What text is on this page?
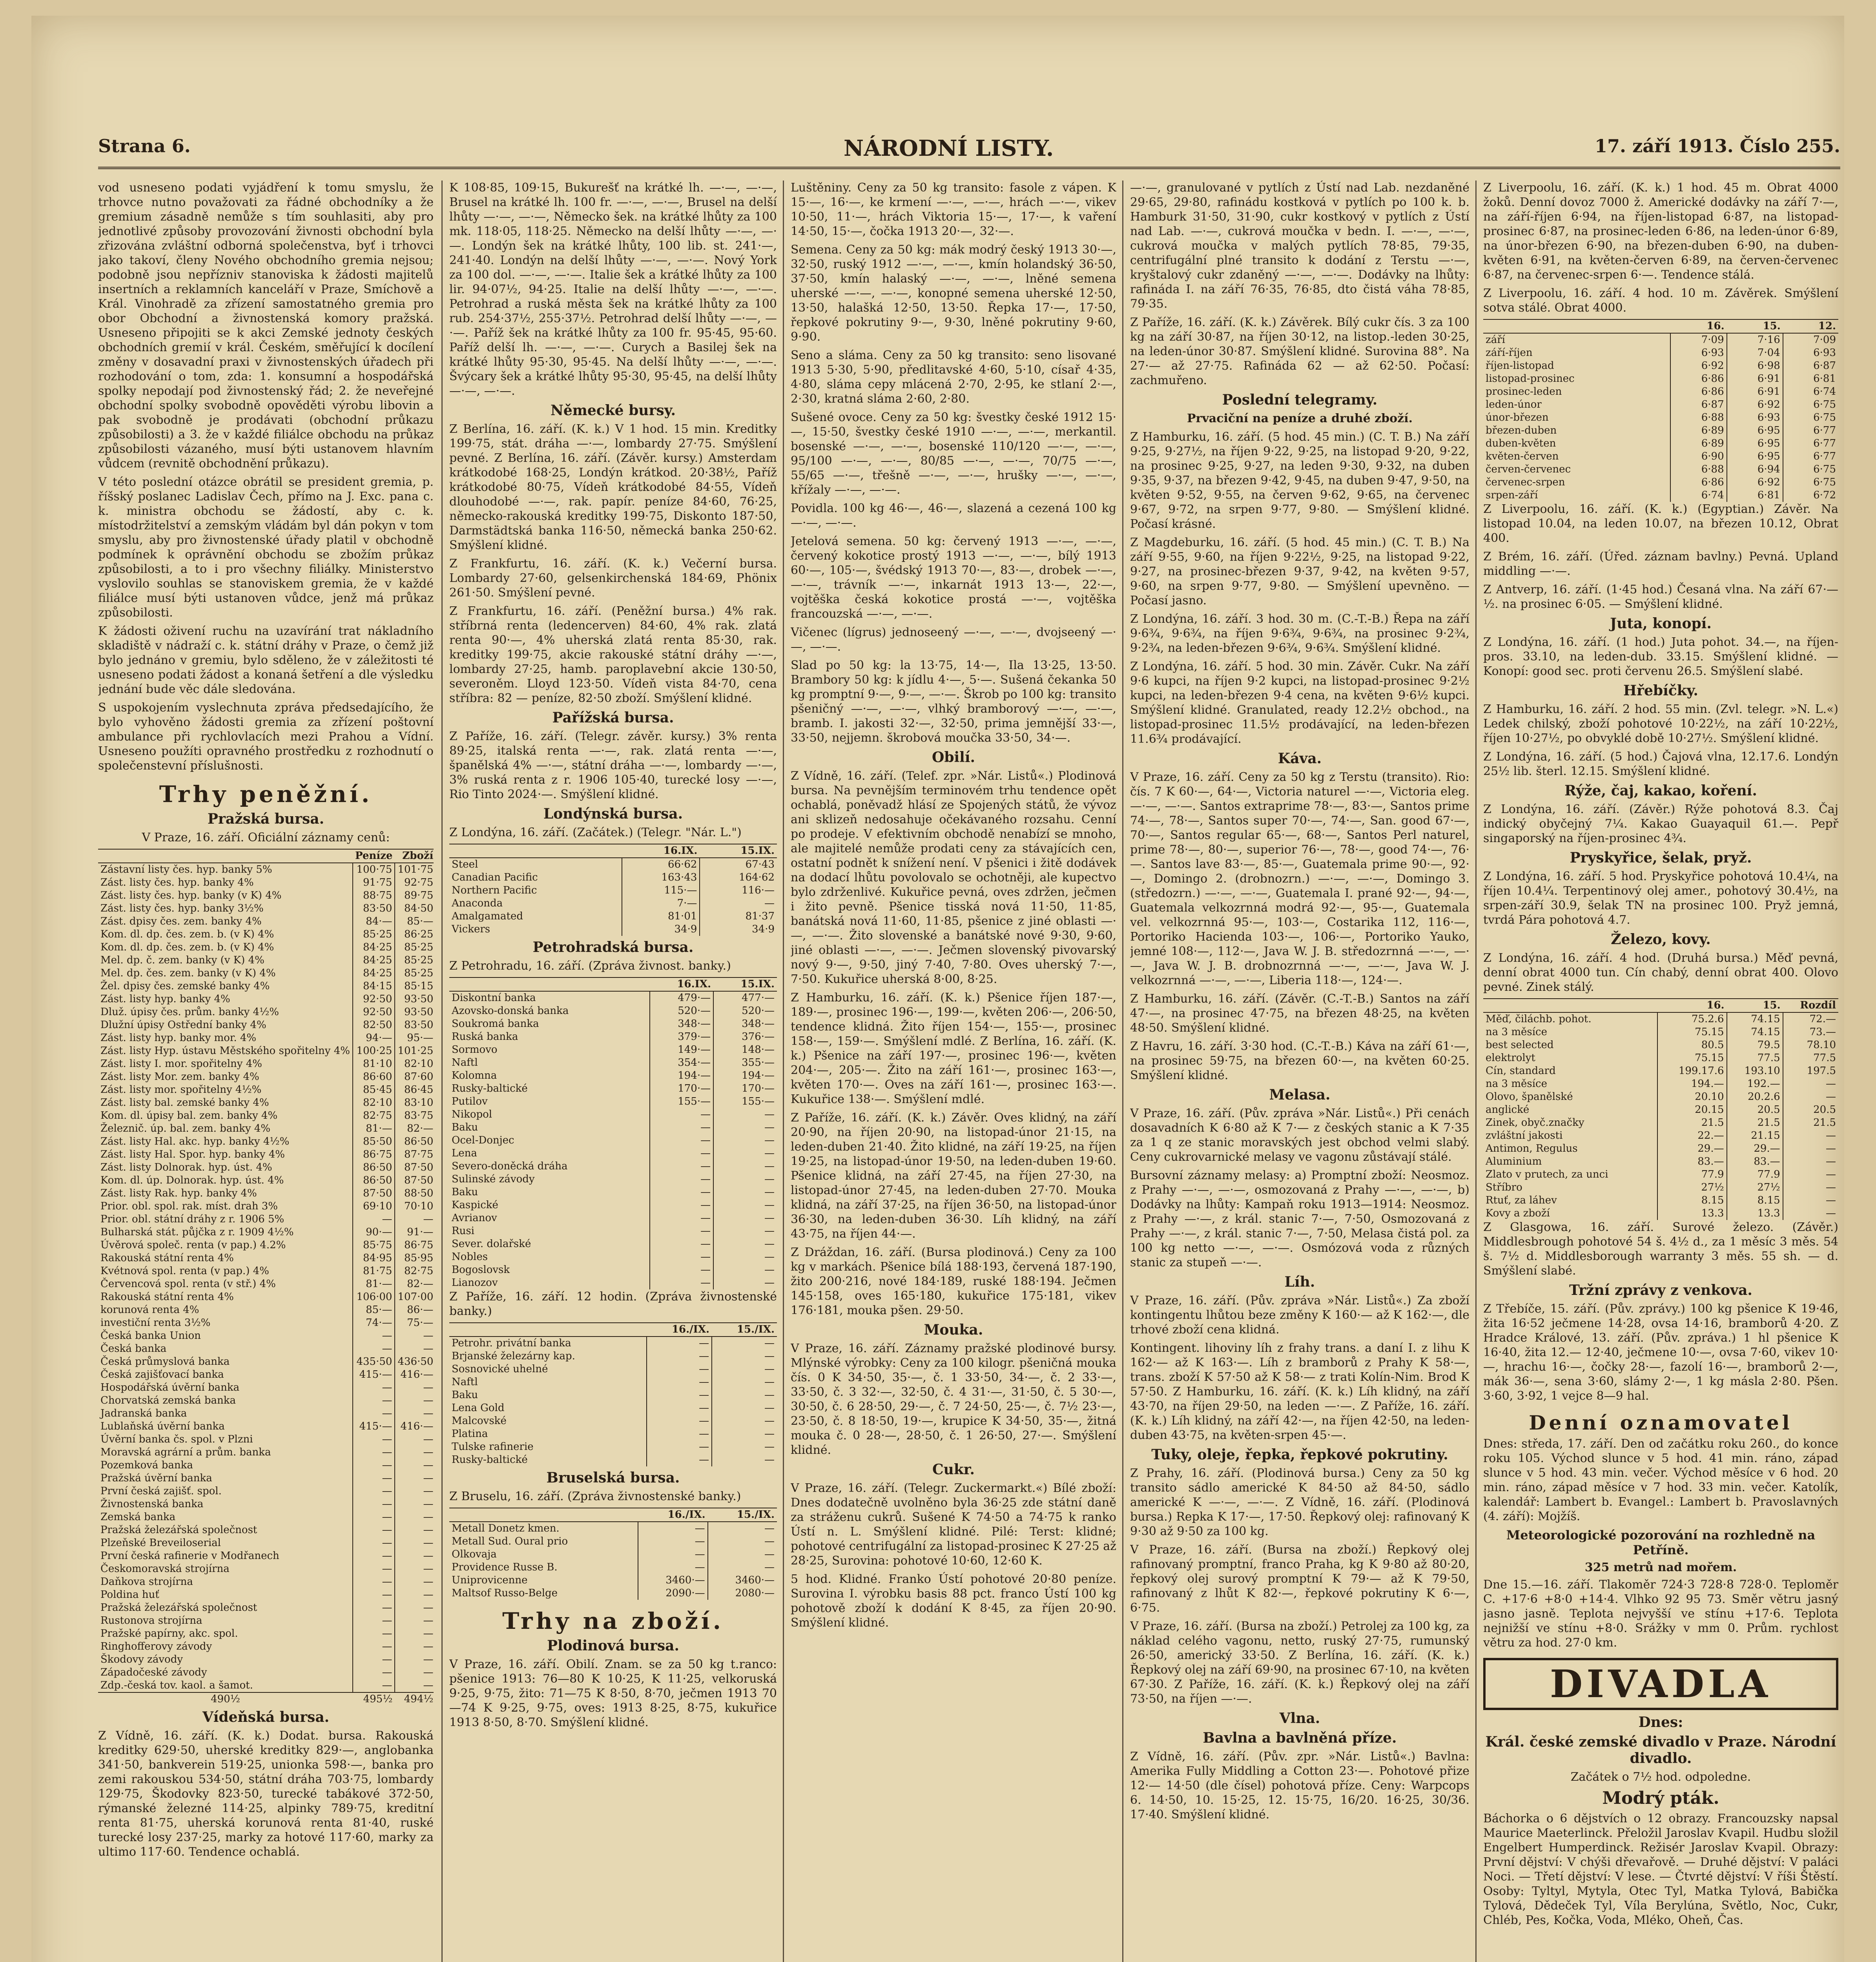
Strana 6.	NÁRODNÍ LISTY.	17. září 1913. Číslo 255.

vod usneseno podati vyjádření k tomu smyslu, že trhovce nutno považovati za řádné obchodníky a že gremium zásadně nemůže s tím souhlasiti, aby pro jednotlivé způsoby provozování živnosti obchodní byla zřizována zvláštní odborná společenstva, byť i trhovci jako takoví, členy Nového obchodního gremia nejsou; podobně jsou nepřízniv stanoviska k žádosti majitelů insertních a reklamních kanceláří v Praze, Smíchově a Král. Vinohradě za zřízení samostatného gremia pro obor Obchodní a živnostenská komory pražská. Usneseno připojiti se k akci Zemské jednoty českých obchodních gremií v král. Českém, směřující k docílení změny v dosavadní praxi v živnostenských úřadech při rozhodování o tom, zda: 1. konsumní a hospodářská spolky nepodají pod živnostenský řád; 2. že neveřejné obchodní spolky svobodně opověděti výrobu libovin a pak svobodně je prodávati (obchodní průkazu způsobilosti) a 3. že v každé filiálce obchodu na průkaz způsobilosti vázaného, musí býti ustanovem hlavním vůdcem (revnitě obchodnění průkazu).

V této poslední otázce obrátil se president gremia, p. říšský poslanec Ladislav Čech, přímo na J. Exc. pana c. k. ministra obchodu se žádostí, aby c. k. místodržitelství a zemským vládám byl dán pokyn v tom smyslu, aby pro živnostenské úřady platil v obchodně podmínek k oprávnění obchodu se zbožím průkaz způsobilosti, a to i pro všechny filiálky. Ministerstvo vyslovilo souhlas se stanoviskem gremia, že v každé filiálce musí býti ustanoven vůdce, jenž má průkaz způsobilosti.

K žádosti oživení ruchu na uzavírání trat nákladního skladiště v nádraží c. k. státní dráhy v Praze, o čemž již bylo jednáno v gremiu, bylo sděleno, že v záležitosti té usneseno podati žádost a konaná šetření a dle výsledku jednání bude věc dále sledována.

S uspokojením vyslechnuta zpráva předsedajícího, že bylo vyhověno žádosti gremia za zřízení poštovní ambulance při rychlovlacích mezi Prahou a Vídní. Usneseno použíti opravného prostředku z rozhodnutí o společenstevní příslušnosti.

Trhy peněžní.
Pražská bursa.

V Praze, 16. září. Oficiální záznamy cenů:

	Peníze	Zboží
Zástavní listy čes. hyp. banky 5%	100·75	101·75
Zást. listy čes. hyp. banky 4%	91·75	92·75
Zást. listy čes. hyp. banky (v K) 4%	88·75	89·75
Zást. listy čes. hyp. banky 3½%	83·50	84·50
Zást. dpisy čes. zem. banky 4%	84·—	85·—
Kom. dl. dp. čes. zem. b. (v K) 4%	85·25	86·25
Kom. dl. dp. čes. zem. b. (v K) 4%	84·25	85·25
Mel. dp. č. zem. banky (v K) 4%	84·25	85·25
Mel. dp. čes. zem. banky (v K) 4%	84·25	85·25
Žel. dpisy čes. zemské banky 4%	84·15	85·15
Zást. listy hyp. banky 4%	92·50	93·50
Dluž. úpisy čes. prům. banky 4½%	92·50	93·50
Dlužní úpisy Ostřední banky 4%	82·50	83·50
Zást. listy hyp. banky mor. 4%	94·—	95·—
Zást. listy Hyp. ústavu Městského spořitelny 4%	100·25	101·25
Zást. listy I. mor. spořitelny 4%	81·10	82·10
Zást. listy Mor. zem. banky 4%	86·60	87·60
Zást. listy mor. spořitelny 4½%	85·45	86·45
Zást. listy bal. zemské banky 4%	82·10	83·10
Kom. dl. úpisy bal. zem. banky 4%	82·75	83·75
Železnič. úp. bal. zem. banky 4%	81·—	82·—
Zást. listy Hal. akc. hyp. banky 4½%	85·50	86·50
Zást. listy Hal. Spor. hyp. banky 4%	86·75	87·75
Zást. listy Dolnorak. hyp. úst. 4%	86·50	87·50
Kom. dl. úp. Dolnorak. hyp. úst. 4%	86·50	87·50
Zást. listy Rak. hyp. banky 4%	87·50	88·50
Prior. obl. spol. rak. míst. drah 3%	69·10	70·10
Prior. obl. státní dráhy z r. 1906 5%	—	—
Bulharská stát. půjčka z r. 1909 4½%	90·—	91·—
Úvěrová společ. renta (v pap.) 4.2%	85·75	86·75
Rakouská státní renta 4%	84·95	85·95
Kvétnová spol. renta (v pap.) 4%	81·75	82·75
Červencová spol. renta (v stř.) 4%	81·—	82·—
Rakouská státní renta 4%	106·00	107·00
korunová renta 4%	85·—	86·—
investiční renta 3½%	74·—	75·—
Česká banka Union	—	—
Česká banka	—	—
Česká průmyslová banka	435·50	436·50
Česká zajišťovací banka	415·—	416·—
Hospodářská úvěrní banka	—	—
Chorvatská zemská banka	—	—
Jadranská banka	—	—
Lublaňská úvěrní banka	415·—	416·—
Úvěrní banka čs. spol. v Plzni	—	—
Moravská agrární a prům. banka	—	—
Pozemková banka	—	—
Pražská úvěrní banka	—	—
První česká zajišť. spol.	—	—
Živnostenská banka	—	—
Zemská banka	—	—
Pražská železářská společnost	—	—
Plzeňské Breveiloserial	—	—
První česká rafinerie v Modřanech	—	—
Českomoravská strojírna	—	—
Daňkova strojírna	—	—
Poldina huť	—	—
Pražská železářská společnost	—	—
Rustonova strojírna	—	—
Pražské papírny, akc. spol.	—	—
Ringhofferovy závody	—	—
Škodovy závody	—	—
Západočeské závody	—	—
Zdp.-česká tov. kaol. a šamot.	—	—
490½	495½	494½
Vídeňská bursa.

Z Vídně, 16. září. (K. k.) Dodat. bursa. Rakouská kreditky 629·50, uherské kreditky 829·—, anglobanka 341·50, bankverein 519·25, unionka 598·—, banka pro zemi rakouskou 534·50, státní dráha 703·75, lombardy 129·75, Škodovky 823·50, turecké tabákové 372·50, rýmanské železné 114·25, alpinky 789·75, kreditní renta 81·75, uherská korunová renta 81·40, ruské turecké losy 237·25, marky za hotové 117·60, marky za ultimo 117·60. Tendence ochablá.

K 108·85, 109·15, Bukurešť na krátké lh. —·—, —·—, Brusel na krátké lh. 100 fr. —·—, —·—, Brusel na delší lhůty —·—, —·—, Německo šek. na krátké lhůty za 100 mk. 118·05, 118·25. Německo na delší lhůty —·—, —·—. Londýn šek na krátké lhůty, 100 lib. st. 241·—, 241·40. Londýn na delší lhůty —·—, —·—. Nový York za 100 dol. —·—, —·—. Italie šek a krátké lhůty za 100 lir. 94·07½, 94·25. Italie na delší lhůty —·—, —·—. Petrohrad a ruská města šek na krátké lhůty za 100 rub. 254·37½, 255·37½. Petrohrad delší lhůty —·—, —·—. Paříž šek na krátké lhůty za 100 fr. 95·45, 95·60. Paříž delší lh. —·—, —·—. Curych a Basilej šek na krátké lhůty 95·30, 95·45. Na delší lhůty —·—, —·—. Švýcary šek a krátké lhůty 95·30, 95·45, na delší lhůty —·—, —·—.

Německé bursy.

Z Berlína, 16. září. (K. k.) V 1 hod. 15 min. Kreditky 199·75, stát. dráha —·—, lombardy 27·75. Smýšlení pevné. Z Berlína, 16. září. (Závěr. kursy.) Amsterdam krátkodobé 168·25, Londýn krátkod. 20·38½, Paříž krátkodobé 80·75, Vídeň krátkodobé 84·55, Vídeň dlouhodobé —·—, rak. papír. peníze 84·60, 76·25, německo-rakouská kreditky 199·75, Diskonto 187·50, Darmstädtská banka 116·50, německá banka 250·62. Smýšlení klidné.

Z Frankfurtu, 16. září. (K. k.) Večerní bursa. Lombardy 27·60, gelsenkirchenská 184·69, Phönix 261·50. Smýšlení pevné.

Z Frankfurtu, 16. září. (Peněžní bursa.) 4% rak. stříbrná renta (ledencerven) 84·60, 4% rak. zlatá renta 90·—, 4% uherská zlatá renta 85·30, rak. kreditky 199·75, akcie rakouské státní dráhy —·—, lombardy 27·25, hamb. paroplavební akcie 130·50, severoněm. Lloyd 123·50. Vídeň vista 84·70, cena stříbra: 82 — peníze, 82·50 zboží. Smýšlení klidné.

Pařížská bursa.

Z Paříže, 16. září. (Telegr. závěr. kursy.) 3% renta 89·25, italská renta —·—, rak. zlatá renta —·—, španělská 4% —·—, státní dráha —·—, lombardy —·—, 3% ruská renta z r. 1906 105·40, turecké losy —·—, Rio Tinto 2024·—. Smýšlení klidné.

Londýnská bursa.

Z Londýna, 16. září. (Začátek.) (Telegr. "Nár. L.")

	16.IX.	15.IX.
Steel	66·62	67·43
Canadian Pacific	163·43	164·62
Northern Pacific	115·—	116·—
Anaconda	7·—	—
Amalgamated	81·01	81·37
Vickers	34·9	34·9
Petrohradská bursa.

Z Petrohradu, 16. září. (Zpráva živnost. banky.)

	16.IX.	15.IX.
Diskontní banka	479·—	477·—
Azovsko-donská banka	520·—	520·—
Soukromá banka	348·—	348·—
Ruská banka	379·—	376·—
Sormovo	149·—	148·—
Naftl	354·—	355·—
Kolomna	194·—	194·—
Rusky-baltické	170·—	170·—
Putilov	155·—	155·—
Nikopol	—	—
Baku	—	—
Ocel-Donjec	—	—
Lena	—	—
Severo-doněcká dráha	—	—
Sulinské závody	—	—
Baku	—	—
Kaspické	—	—
Avrianov	—	—
Rusi	—	—
Sever. dolařské	—	—
Nobles	—	—
Bogoslovsk	—	—
Lianozov	—	—

Z Paříže, 16. září. 12 hodin. (Zpráva živnostenské banky.)

	16./IX.	15./IX.
Petrohr. privátní banka	—	—
Brjanské železárny kap.	—	—
Sosnovické uhelné	—	—
Naftl	—	—
Baku	—	—
Lena Gold	—	—
Malcovské	—	—
Platina	—	—
Tulske rafinerie	—	—
Rusky-baltické	—	—
Bruselská bursa.

Z Bruselu, 16. září. (Zpráva živnostenské banky.)

	16./IX.	15./IX.
Metall Donetz kmen.	—	—
Metall Sud. Oural prio	—	—
Olkovaja	—	—
Providence Russe B.	—	—
Uniprovicenne	3460·—	3460·—
Maltsof Russo-Belge	2090·—	2080·—
Trhy na zboží.
Plodinová bursa.

V Praze, 16. září. Obilí. Znam. se za 50 kg t.ranco: pšenice 1913: 76—80 K 10·25, K 11·25, velkoruská 9·25, 9·75, žito: 71—75 K 8·50, 8·70, ječmen 1913 70—74 K 9·25, 9·75, oves: 1913 8·25, 8·75, kukuřice 1913 8·50, 8·70. Smýšlení klidné.

Luštěniny. Ceny za 50 kg transito: fasole z vápen. K 15·—, 16·—, ke krmení —·—, —·—, hrách —·—, vikev 10·50, 11·—, hrách Viktoria 15·—, 17·—, k vaření 14·50, 15·—, čočka 1913 20·—, 32·—.

Semena. Ceny za 50 kg: mák modrý český 1913 30·—, 32·50, ruský 1912 —·—, —·—, kmín holandský 36·50, 37·50, kmín halaský —·—, —·—, lněné semena uherské —·—, —·—, konopné semena uherské 12·50, 13·50, halašká 12·50, 13·50. Řepka 17·—, 17·50, řepkové pokrutiny 9·—, 9·30, lněné pokrutiny 9·60, 9·90.

Seno a sláma. Ceny za 50 kg transito: seno lisované 1913 5·30, 5·90, předlitavské 4·60, 5·10, císař 4·35, 4·80, sláma cepy mlácená 2·70, 2·95, ke stlaní 2·—, 2·30, kratná sláma 2·60, 2·80.

Sušené ovoce. Ceny za 50 kg: švestky české 1912 15·—, 15·50, švestky české 1910 —·—, —·—, merkantil. bosenské —·—, —·—, bosenské 110/120 —·—, —·—, 95/100 —·—, —·—, 80/85 —·—, —·—, 70/75 —·—, 55/65 —·—, třešně —·—, —·—, hrušky —·—, —·—, křížaly —·—, —·—.

Povidla. 100 kg 46·—, 46·—, slazená a cezená 100 kg —·—, —·—.

Jetelová semena. 50 kg: červený 1913 —·—, —·—, červený kokotice prostý 1913 —·—, —·—, bílý 1913 60·—, 105·—, švédský 1913 70·—, 83·—, drobek —·—, —·—, trávník —·—, inkarnát 1913 13·—, 22·—, vojtěška česká kokotice prostá —·—, vojtěška francouzská —·—, —·—.

Vičenec (lígrus) jednoseený —·—, —·—, dvojseený —·—, —·—.

Slad po 50 kg: la 13·75, 14·—, Ila 13·25, 13·50. Brambory 50 kg: k jídlu 4·—, 5·—. Sušená čekanka 50 kg promptní 9·—, 9·—, —·—. Škrob po 100 kg: transito pšeničný —·—, —·—, vlhký bramborový —·—, —·—, bramb. I. jakosti 32·—, 32·50, prima jemnější 33·—, 33·50, nejjemn. škrobová moučka 33·50, 34·—.

Obilí.

Z Vídně, 16. září. (Telef. zpr. »Nár. Listů«.) Plodinová bursa. Na pevnějším terminovém trhu tendence opět ochablá, poněvadž hlásí ze Spojených států, že vývoz ani sklizeň nedosahuje očekávaného rozsahu. Cenní po prodeje. V efektivním obchodě nenabízí se mnoho, ale majitelé nemůže prodati ceny za stávajících cen, ostatní podnět k snížení není. V pšenici i žitě dodávek na dodací lhůtu povolovalo se ochotněji, ale kupectvo bylo zdrženlivé. Kukuřice pevná, oves zdržen, ječmen i žito pevně. Pšenice tisská nová 11·50, 11·85, banátská nová 11·60, 11·85, pšenice z jiné oblasti —·—, —·—. Žito slovenské a banátské nové 9·30, 9·60, jiné oblasti —·—, —·—. Ječmen slovenský pivovarský nový 9·—, 9·50, jiný 7·40, 7·80. Oves uherský 7·—, 7·50. Kukuřice uherská 8·00, 8·25.

Z Hamburku, 16. září. (K. k.) Pšenice říjen 187·—, 189·—, prosinec 196·—, 199·—, květen 206·—, 206·50, tendence klidná. Žito říjen 154·—, 155·—, prosinec 158·—, 159·—. Smýšlení mdlé. Z Berlína, 16. září. (K. k.) Pšenice na září 197·—, prosinec 196·—, květen 204·—, 205·—. Žito na září 161·—, prosinec 163·—, květen 170·—. Oves na září 161·—, prosinec 163·—. Kukuřice 138·—. Smýšlení mdlé.

Z Paříže, 16. září. (K. k.) Závěr. Oves klidný, na září 20·90, na říjen 20·90, na listopad-únor 21·15, na leden-duben 21·40. Žito klidné, na září 19·25, na říjen 19·25, na listopad-únor 19·50, na leden-duben 19·60. Pšenice klidná, na září 27·45, na říjen 27·30, na listopad-únor 27·45, na leden-duben 27·70. Mouka klidná, na září 37·25, na říjen 36·50, na listopad-únor 36·30, na leden-duben 36·30. Líh klidný, na září 43·75, na říjen 44·—.

Z Dráždan, 16. září. (Bursa plodinová.) Ceny za 100 kg v markách. Pšenice bílá 188·193, červená 187·190, žito 200·216, nové 184·189, ruské 188·194. Ječmen 145·158, oves 165·180, kukuřice 175·181, vikev 176·181, mouka pšen. 29·50.

Mouka.

V Praze, 16. září. Záznamy pražské plodinové bursy. Mlýnské výrobky: Ceny za 100 kilogr. pšeničná mouka čís. 0 K 34·50, 35·—, č. 1 33·50, 34·—, č. 2 33·—, 33·50, č. 3 32·—, 32·50, č. 4 31·—, 31·50, č. 5 30·—, 30·50, č. 6 28·50, 29·—, č. 7 24·50, 25·—, č. 7½ 23·—, 23·50, č. 8 18·50, 19·—, krupice K 34·50, 35·—, žitná mouka č. 0 28·—, 28·50, č. 1 26·50, 27·—. Smýšlení klidné.

Cukr.

V Praze, 16. září. (Telegr. Zuckermarkt.«) Bílé zboží: Dnes dodatečně uvolněno byla 36·25 zde státní daně za stráženu cukrů. Sušené K 74·50 a 74·75 k ranko Ústí n. L. Smýšlení klidné. Pilé: Terst: klidné; pohotové centrifugální za listopad-prosinec K 27·25 až 28·25, Surovina: pohotové 10·60, 12·60 K.

5 hod. Klidné. Franko Ústí pohotové 20·80 peníze. Surovina I. výrobku basis 88 pct. franco Ústí 100 kg pohotově zboží k dodání K 8·45, za říjen 20·90. Smýšlení klidné.

—·—, granulované v pytlích z Ústí nad Lab. nezdaněné 29·65, 29·80, rafinádu kostková v pytlích po 100 k. b. Hamburk 31·50, 31·90, cukr kostkový v pytlích z Ústí nad Lab. —·—, cukrová moučka v bedn. I. —·—, —·—, cukrová moučka v malých pytlích 78·85, 79·35, centrifugální plné transito k dodání z Terstu —·—, kryštalový cukr zdaněný —·—, —·—. Dodávky na lhůty: rafináda I. na září 76·35, 76·85, dto čistá váha 78·85, 79·35.

Z Paříže, 16. září. (K. k.) Závěrek. Bílý cukr čís. 3 za 100 kg na září 30·87, na říjen 30·12, na listop.-leden 30·25, na leden-únor 30·87. Smýšlení klidné. Surovina 88°. Na 27·— až 27·75. Rafináda 62 — až 62·50. Počasí: zachmuřeno.

Poslední telegramy.

Prvaciční na peníze a druhé zboží.

Z Hamburku, 16. září. (5 hod. 45 min.) (C. T. B.) Na září 9·25, 9·27½, na říjen 9·22, 9·25, na listopad 9·20, 9·22, na prosinec 9·25, 9·27, na leden 9·30, 9·32, na duben 9·35, 9·37, na březen 9·42, 9·45, na duben 9·47, 9·50, na květen 9·52, 9·55, na červen 9·62, 9·65, na červenec 9·67, 9·72, na srpen 9·77, 9·80. — Smýšlení klidné. Počasí krásné.

Z Magdeburku, 16. září. (5 hod. 45 min.) (C. T. B.) Na září 9·55, 9·60, na říjen 9·22½, 9·25, na listopad 9·22, 9·27, na prosinec-březen 9·37, 9·42, na květen 9·57, 9·60, na srpen 9·77, 9·80. — Smýšlení upevněno. — Počasí jasno.

Z Londýna, 16. září. 3 hod. 30 m. (C.-T.-B.) Řepa na září 9·6¾, 9·6¾, na říjen 9·6¾, 9·6¾, na prosinec 9·2¾, 9·2¾, na leden-březen 9·6¾, 9·6¾. Smýšlení klidné.

Z Londýna, 16. září. 5 hod. 30 min. Závěr. Cukr. Na září 9·6 kupci, na říjen 9·2 kupci, na listopad-prosinec 9·2½ kupci, na leden-březen 9·4 cena, na květen 9·6½ kupci. Smýšlení klidné. Granulated, ready 12.2½ obchod., na listopad-prosinec 11.5½ prodávající, na leden-březen 11.6¾ prodávající.

Káva.

V Praze, 16. září. Ceny za 50 kg z Terstu (transito). Rio: čís. 7 K 60·—, 64·—, Victoria naturel —·—, Victoria eleg. —·—, —·—. Santos extraprime 78·—, 83·—, Santos prime 74·—, 78·—, Santos super 70·—, 74·—, San. good 67·—, 70·—, Santos regular 65·—, 68·—, Santos Perl naturel, prime 78·—, 80·—, superior 76·—, 78·—, good 74·—, 76·—. Santos lave 83·—, 85·—, Guatemala prime 90·—, 92·—, Domingo 2. (drobnozrn.) —·—, —·—, Domingo 3. (středozrn.) —·—, —·—, Guatemala I. prané 92·—, 94·—, Guatemala velkozrnná modrá 92·—, 95·—, Guatemala vel. velkozrnná 95·—, 103·—, Costarika 112, 116·—, Portoriko Hacienda 103·—, 106·—, Portoriko Yauko, jemné 108·—, 112·—, Java W. J. B. středozrnná —·—, —·—, Java W. J. B. drobnozrnná —·—, —·—, Java W. J. velkozrnná —·—, —·—, Liberia 118·—, 124·—.

Z Hamburku, 16. září. (Závěr. (C.-T.-B.) Santos na září 47·—, na prosinec 47·75, na březen 48·25, na květen 48·50. Smýšlení klidné.

Z Havru, 16. září. 3·30 hod. (C.-T.-B.) Káva na září 61·—, na prosinec 59·75, na březen 60·—, na květen 60·25. Smýšlení klidné.

Melasa.

V Praze, 16. září. (Pův. zpráva »Nár. Listů«.) Při cenách dosavadních K 6·80 až K 7·— z českých stanic a K 7·35 za 1 q ze stanic moravských jest obchod velmi slabý. Ceny cukrovarnické melasy ve vagonu zůstávají stálé.

Bursovní záznamy melasy: a) Promptní zboží: Neosmoz. z Prahy —·—, —·—, osmozovaná z Prahy —·—, —·—, b) Dodávky na lhůty: Kampaň roku 1913—1914: Neosmoz. z Prahy —·—, z král. stanic 7·—, 7·50, Osmozovaná z Prahy —·—, z král. stanic 7·—, 7·50, Melasa čistá pol. za 100 kg netto —·—, —·—. Osmózová voda z různých stanic za stupeň —·—.

Líh.

V Praze, 16. září. (Pův. zpráva »Nár. Listů«.) Za zboží kontingentu lhůtou beze změny K 160·— až K 162·—, dle trhové zboží cena klidná.

Kontingent. lihoviny líh z frahy trans. a daní I. z lihu K 162·— až K 163·—. Líh z bramborů z Prahy K 58·—, trans. zboží K 57·50 až K 58·— z trati Kolín-Nim. Brod K 57·50. Z Hamburku, 16. září. (K. k.) Líh klidný, na září 43·70, na říjen 29·50, na leden —·—. Z Paříže, 16. září. (K. k.) Líh klidný, na září 42·—, na říjen 42·50, na leden-duben 43·75, na květen-srpen 45·—.

Tuky, oleje, řepka, řepkové pokrutiny.

Z Prahy, 16. září. (Plodinová bursa.) Ceny za 50 kg transito sádlo americké K 84·50 až 84·50, sádlo americké K —·—, —·—. Z Vídně, 16. září. (Plodinová bursa.) Repka K 17·—, 17·50. Řepkový olej: rafinovaný K 9·30 až 9·50 za 100 kg.

V Praze, 16. září. (Bursa na zboží.) Řepkový olej rafinovaný promptní, franco Praha, kg K 9·80 až 80·20, řepkový olej surový promptní K 79·— až K 79·50, rafinovaný z lhůt K 82·—, řepkové pokrutiny K 6·—, 6·75.

V Praze, 16. září. (Bursa na zboží.) Petrolej za 100 kg, za náklad celého vagonu, netto, ruský 27·75, rumunský 26·50, americký 33·50. Z Berlína, 16. září. (K. k.) Řepkový olej na září 69·90, na prosinec 67·10, na květen 67·30. Z Paříže, 16. září. (K. k.) Řepkový olej na září 73·50, na říjen —·—.

Vlna.
Bavlna a bavlněná příze.

Z Vídně, 16. září. (Pův. zpr. »Nár. Listů«.) Bavlna: Amerika Fully Middling a Cotton 23·—. Pohotové přize 12·— 14·50 (dle čísel) pohotová příze. Ceny: Warpcops 6. 14·50, 10. 15·25, 12. 15·75, 16/20. 16·25, 30/36. 17·40. Smýšlení klidné.

Z Liverpoolu, 16. září. (K. k.) 1 hod. 45 m. Obrat 4000 žoků. Denní dovoz 7000 ž. Americké dodávky na září 7·—, na září-říjen 6·94, na říjen-listopad 6·87, na listopad-prosinec 6·87, na prosinec-leden 6·86, na leden-únor 6·89, na únor-březen 6·90, na březen-duben 6·90, na duben-květen 6·91, na květen-červen 6·89, na červen-červenec 6·87, na červenec-srpen 6·—. Tendence stálá.

Z Liverpoolu, 16. září. 4 hod. 10 m. Závěrek. Smýšlení sotva stálé. Obrat 4000.

	16.	15.	12.
září	7·09	7·16	7·09
září-říjen	6·93	7·04	6·93
říjen-listopad	6·92	6·98	6·87
listopad-prosinec	6·86	6·91	6·81
prosinec-leden	6·86	6·91	6·74
leden-únor	6·87	6·92	6·75
únor-březen	6·88	6·93	6·75
březen-duben	6·89	6·95	6·77
duben-květen	6·89	6·95	6·77
květen-červen	6·90	6·95	6·77
červen-červenec	6·88	6·94	6·75
červenec-srpen	6·86	6·92	6·75
srpen-září	6·74	6·81	6·72

Z Liverpoolu, 16. září. (K. k.) (Egyptian.) Závěr. Na listopad 10.04, na leden 10.07, na březen 10.12, Obrat 400.

Z Brém, 16. září. (Úřed. záznam bavlny.) Pevná. Upland middling —·—.

Z Antverp, 16. září. (1·45 hod.) Česaná vlna. Na září 67·— ½. na prosinec 6·05. — Smýšlení klidné.

Juta, konopí.

Z Londýna, 16. září. (1 hod.) Juta pohot. 34.—, na říjen-pros. 33.10, na leden-dub. 33.15. Smýšlení klidné. — Konopí: good sec. proti červenu 26.5. Smýšlení slabé.

Hřebíčky.

Z Hamburku, 16. září. 2 hod. 55 min. (Zvl. telegr. »N. L.«) Ledek chilský, zboží pohotové 10·22½, na září 10·22½, říjen 10·27½, po obvyklé době 10·27½. Smýšlení klidné.

Z Londýna, 16. září. (5 hod.) Čajová vlna, 12.17.6. Londýn 25½ lib. šterl. 12.15. Smýšlení klidné.

Rýže, čaj, kakao, koření.

Z Londýna, 16. září. (Závěr.) Rýže pohotová 8.3. Čaj indický obyčejný 7¼. Kakao Guayaquil 61.—. Pepř singaporský na říjen-prosinec 4¾.

Pryskyřice, šelak, pryž.

Z Londýna, 16. září. 5 hod. Pryskyřice pohotová 10.4¼, na říjen 10.4¼. Terpentinový olej amer., pohotový 30.4½, na srpen-září 30.9, šelak TN na prosinec 100. Pryž jemná, tvrdá Pára pohotová 4.7.

Železo, kovy.

Z Londýna, 16. září. 4 hod. (Druhá bursa.) Měď pevná, denní obrat 4000 tun. Cín chabý, denní obrat 400. Olovo pevné. Zinek stálý.

	16.	15.	Rozdíl
Měď, čiláchb. pohot.	75.2.6	74.15	72.—
na 3 měsíce	75.15	74.15	73.—
best selected	80.5	79.5	78.10
elektrolyt	75.15	77.5	77.5
Cín, standard	199.17.6	193.10	197.5
na 3 měsíce	194.—	192.—	—
Olovo, španělské	20.10	20.2.6	—
anglické	20.15	20.5	20.5
Zinek, obyč.značky	21.5	21.5	21.5
zvláštní jakosti	22.—	21.15	—
Antimon, Regulus	29.—	29.—	—
Aluminium	83.—	83.—	—
Zlato v prutech, za unci	77.9	77.9	—
Stříbro	27½	27½	—
Rtuť, za láhev	8.15	8.15	—
Kovy a zboží	13.3	13.3	—

Z Glasgowa, 16. září. Surové železo. (Závěr.) Middlesbrough pohotové 54 š. 4½ d., za 1 měsíc 3 měs. 54 š. 7½ d. Middlesborough warranty 3 měs. 55 sh. — d. Smýšlení slabé.

Tržní zprávy z venkova.

Z Třebíče, 15. září. (Pův. zprávy.) 100 kg pšenice K 19·46, žita 16·52 ječmene 14·28, ovsa 14·16, bramborů 4·20. Z Hradce Králové, 13. září. (Pův. zpráva.) 1 hl pšenice K 16·40, žita 12.— 12·40, ječmene 10·—, ovsa 7·60, vikev 10·—, hrachu 16·—, čočky 28·—, fazolí 16·—, bramborů 2·—, mák 36·—, sena 3·60, slámy 2·—, 1 kg másla 2·80. Pšen. 3·60, 3·92, 1 vejce 8—9 hal.

Denní oznamovatel

Dnes: středa, 17. září. Den od začátku roku 260., do konce roku 105. Východ slunce v 5 hod. 41 min. ráno, západ slunce v 5 hod. 43 min. večer. Východ měsíce v 6 hod. 20 min. ráno, západ měsíce v 7 hod. 33 min. večer. Katolík, kalendář: Lambert b. Evangel.: Lambert b. Pravoslavných (4. září): Mojžíš.

Meteorologické pozorování na rozhledně na Petříně.
325 metrů nad mořem.

Dne 15.—16. září. Tlakoměr 724·3 728·8 728·0. Teploměr C. +17·6 +8·0 +14·4. Vlhko 92 95 73. Směr větru jasný jasno jasně. Teplota nejvyšší ve stínu +17·6. Teplota nejnižší ve stínu +8·0. Srážky v mm 0. Prům. rychlost větru za hod. 27·0 km.

DIVADLA
Dnes:
Král. české zemské divadlo v Praze. Národní divadlo.

Začátek o 7½ hod. odpoledne.

Modrý pták.

Báchorka o 6 dějstvích o 12 obrazy. Francouzsky napsal Maurice Maeterlinck. Přeložil Jaroslav Kvapil. Hudbu složil Engelbert Humperdinck. Režisér Jaroslav Kvapil. Obrazy: První dějství: V chýši dřevařově. — Druhé dějství: V paláci Noci. — Třetí dějství: V lese. — Čtvrté dějství: V říši Štěstí. Osoby: Tyltyl, Mytyla, Otec Tyl, Matka Tylová, Babička Tylová, Dědeček Tyl, Víla Berylúna, Světlo, Noc, Cukr, Chléb, Pes, Kočka, Voda, Mléko, Oheň, Čas.
